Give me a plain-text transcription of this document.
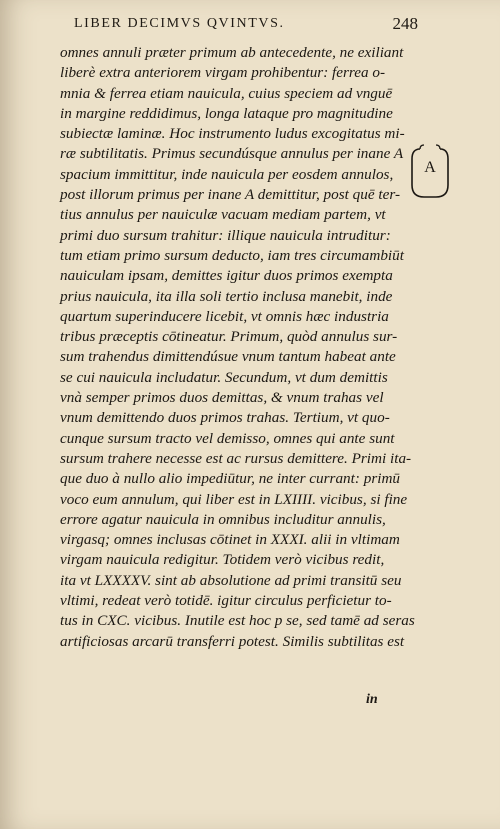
LIBER DECIMVS QVINTVS.	248
omnes annuli præter primum ab antecedente, ne exiliant
liberè extra anteriorem virgam prohibentur: ferrea o-
mnia & ferrea etiam nauicula, cuius speciem ad vnguē
in margine reddidimus, longa lataque pro magnitudine
subiectæ laminæ. Hoc instrumento ludus excogitatus mi-
ræ subtilitatis. Primus secundúsque annulus per inane A
spacium immittitur, inde nauicula per eosdem annulos,
post illorum primus per inane A demittitur, post quē ter-
tius annulus per nauiculæ vacuam mediam partem, vt
primi duo sursum trahitur: illique nauicula intruditur:
tum etiam primo sursum deducto, iam tres circumambiūt
nauiculam ipsam, demittes igitur duos primos exempta
prius nauicula, ita illa soli tertio inclusa manebit, inde
quartum superinducere licebit, vt omnis hæc industria
tribus præceptis cōtineatur. Primum, quòd annulus sur-
sum trahendus dimittendúsue vnum tantum habeat ante
se cui nauicula includatur. Secundum, vt dum demittis
vnà semper primos duos demittas, & vnum trahas vel
vnum demittendo duos primos trahas. Tertium, vt quo-
cunque sursum tracto vel demisso, omnes qui ante sunt
sursum trahere necesse est ac rursus demittere. Primi ita-
que duo à nullo alio impediūtur, ne inter currant: primū
voco eum annulum, qui liber est in LXIIII. vicibus, si fine
errore agatur nauicula in omnibus includitur annulis,
virgasq; omnes inclusas cōtinet in XXXI. alii in vltimam
virgam nauicula redigitur. Totidem verò vicibus redit,
ita vt LXXXXV. sint ab absolutione ad primi transitū seu
vltimi, redeat verò totidē. igitur circulus perficietur to-
tus in CXC. vicibus. Inutile est hoc p se, sed tamē ad seras
artificiosas arcarū transferri potest. Similis subtilitas est
A
in
